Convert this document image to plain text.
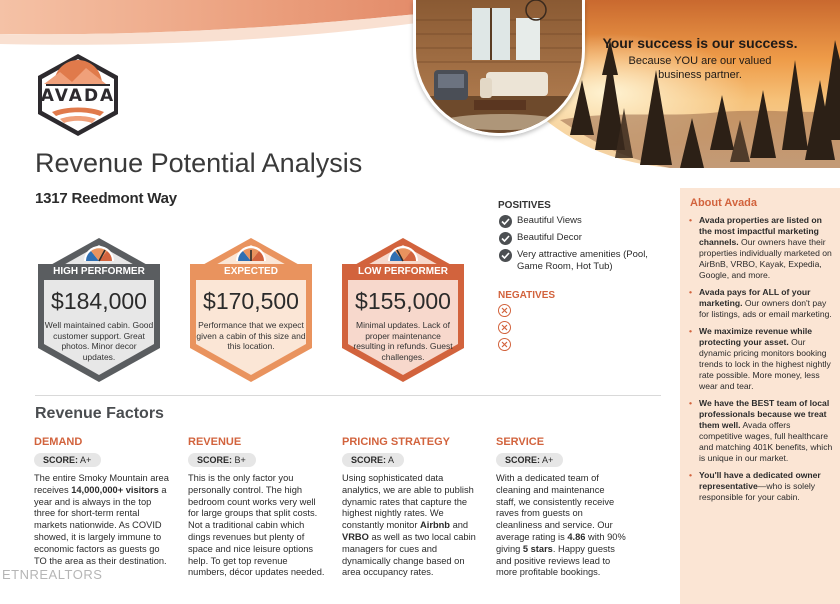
Your success is our success.
Because YOU are our valued
business partner.
AVADA
Revenue Potential Analysis
1317 Reedmont Way
HIGH PERFORMER
$184,000
Well maintained cabin. Good customer support. Great photos. Minor decor updates.
EXPECTED
$170,500
Performance that we expect given a cabin of this size and this location.
LOW PERFORMER
$155,000
Minimal updates. Lack of proper maintenance resulting in refunds. Guest challenges.
POSITIVES
Beautiful Views
Beautiful Decor
Very attractive amenities (Pool, Game Room, Hot Tub)
NEGATIVES
Revenue Factors
DEMAND
SCORE: A+
The entire Smoky Mountain area receives 14,000,000+ visitors a year and is always in the top three for short-term rental markets nationwide. As COVID showed, it is largely immune to economic factors as guests go TO the area as their destination.
REVENUE
SCORE: B+
This is the only factor you personally control. The high bedroom count works very well for large groups that split costs. Not a traditional cabin which dings revenues but plenty of space and nice leisure options help. To get top revenue numbers, décor updates needed.
PRICING STRATEGY
SCORE: A
Using sophisticated data analytics, we are able to publish dynamic rates that capture the highest nightly rates. We constantly monitor Airbnb and VRBO as well as two local cabin managers for cues and dynamically change based on area occupancy rates.
SERVICE
SCORE: A+
With a dedicated team of cleaning and maintenance staff, we consistently receive raves from guests on cleanliness and service. Our average rating is 4.86 with 90% giving 5 stars. Happy guests and positive reviews lead to more profitable bookings.
About Avada
• Avada properties are listed on the most impactful marketing channels. Our owners have their properties individually marketed on AirBnB, VRBO, Kayak, Expedia, Google, and more.
• Avada pays for ALL of your marketing. Our owners don't pay for listings, ads or email marketing.
• We maximize revenue while protecting your asset. Our dynamic pricing monitors booking trends to lock in the highest nightly rate possible. More money, less wear and tear.
• We have the BEST team of local professionals because we treat them well. Avada offers competitive wages, full healthcare and matching 401K benefits, which is unique in our market.
• You'll have a dedicated owner representative—who is solely responsible for your cabin.
ETNREALTORS
